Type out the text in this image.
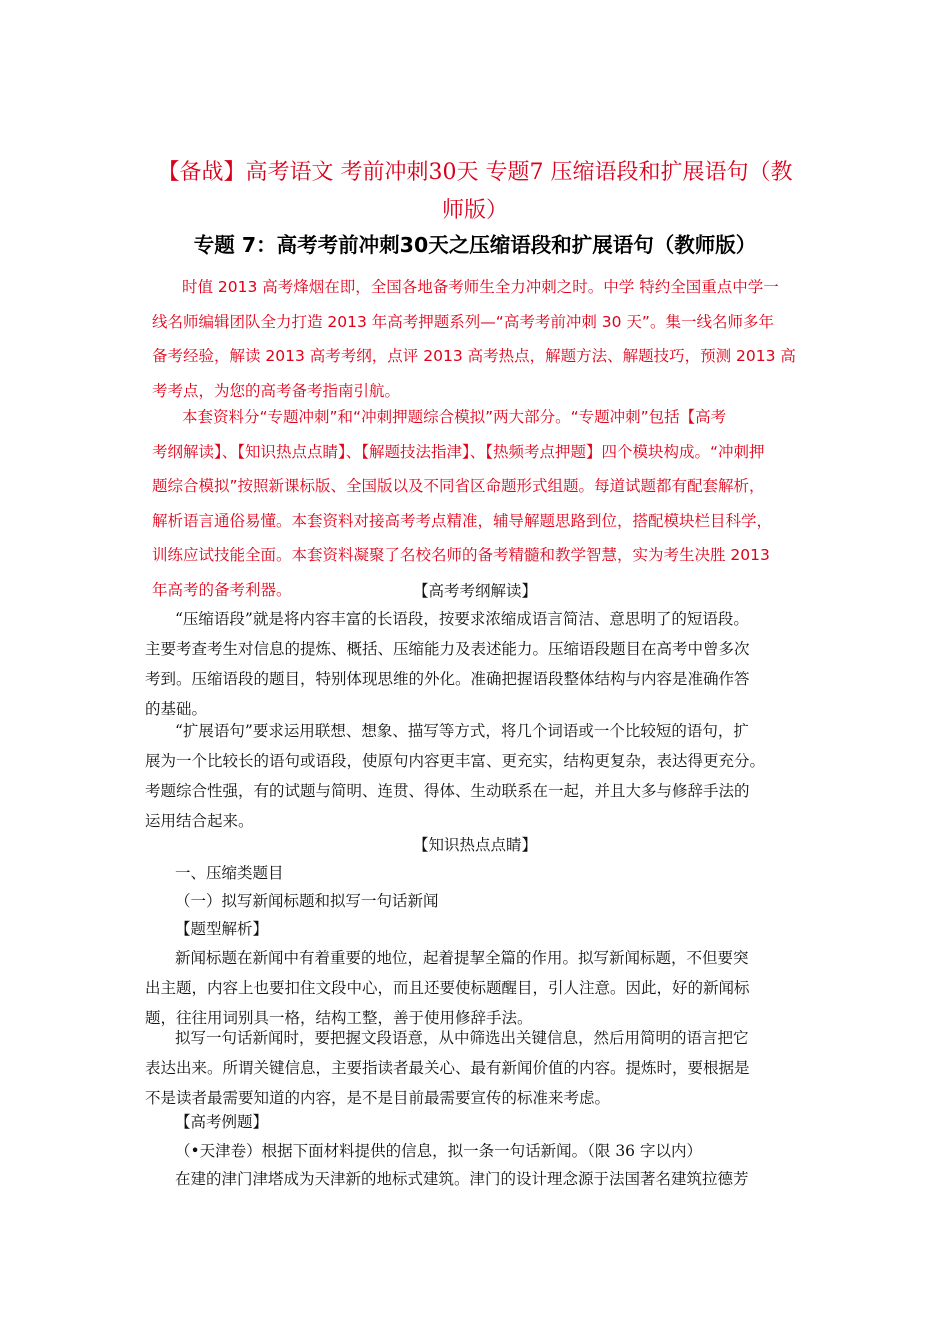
【备战】高考语文 考前冲刺30天 专题7 压缩语段和扩展语句（教
师版）
专题 7：高考考前冲刺30天之压缩语段和扩展语句（教师版）
时值 2013 高考烽烟在即，全国各地备考师生全力冲刺之时。中学 特约全国重点中学一
线名师编辑团队全力打造 2013 年高考押题系列—“高考考前冲刺 30 天”。集一线名师多年
备考经验，解读 2013 高考考纲，点评 2013 高考热点，解题方法、解题技巧，预测 2013 高
考考点，为您的高考备考指南引航。
本套资料分“专题冲刺”和“冲刺押题综合模拟”两大部分。“专题冲刺”包括【高考
考纲解读】、【知识热点点睛】、【解题技法指津】、【热频考点押题】四个模块构成。“冲刺押
题综合模拟”按照新课标版、全国版以及不同省区命题形式组题。每道试题都有配套解析，
解析语言通俗易懂。本套资料对接高考考点精准，辅导解题思路到位，搭配模块栏目科学，
训练应试技能全面。本套资料凝聚了名校名师的备考精髓和教学智慧，实为考生决胜 2013
年高考的备考利器。	【高考考纲解读】
“压缩语段”就是将内容丰富的长语段，按要求浓缩成语言简洁、意思明了的短语段。
主要考查考生对信息的提炼、概括、压缩能力及表述能力。压缩语段题目在高考中曾多次
考到。压缩语段的题目，特别体现思维的外化。准确把握语段整体结构与内容是准确作答
的基础。
“扩展语句”要求运用联想、想象、描写等方式，将几个词语或一个比较短的语句，扩
展为一个比较长的语句或语段，使原句内容更丰富、更充实，结构更复杂，表达得更充分。
考题综合性强，有的试题与简明、连贯、得体、生动联系在一起，并且大多与修辞手法的
运用结合起来。
【知识热点点睛】
一、压缩类题目
（一）拟写新闻标题和拟写一句话新闻
【题型解析】
新闻标题在新闻中有着重要的地位，起着提挈全篇的作用。拟写新闻标题，不但要突
出主题，内容上也要扣住文段中心，而且还要使标题醒目，引人注意。因此，好的新闻标
题，往往用词别具一格，结构工整，善于使用修辞手法。
拟写一句话新闻时，要把握文段语意，从中筛选出关键信息，然后用简明的语言把它
表达出来。所谓关键信息，主要指读者最关心、最有新闻价值的内容。提炼时，要根据是
不是读者最需要知道的内容，是不是目前最需要宣传的标准来考虑。
【高考例题】
（•天津卷）根据下面材料提供的信息，拟一条一句话新闻。（限 36 字以内）
在建的津门津塔成为天津新的地标式建筑。津门的设计理念源于法国著名建筑拉德芳
